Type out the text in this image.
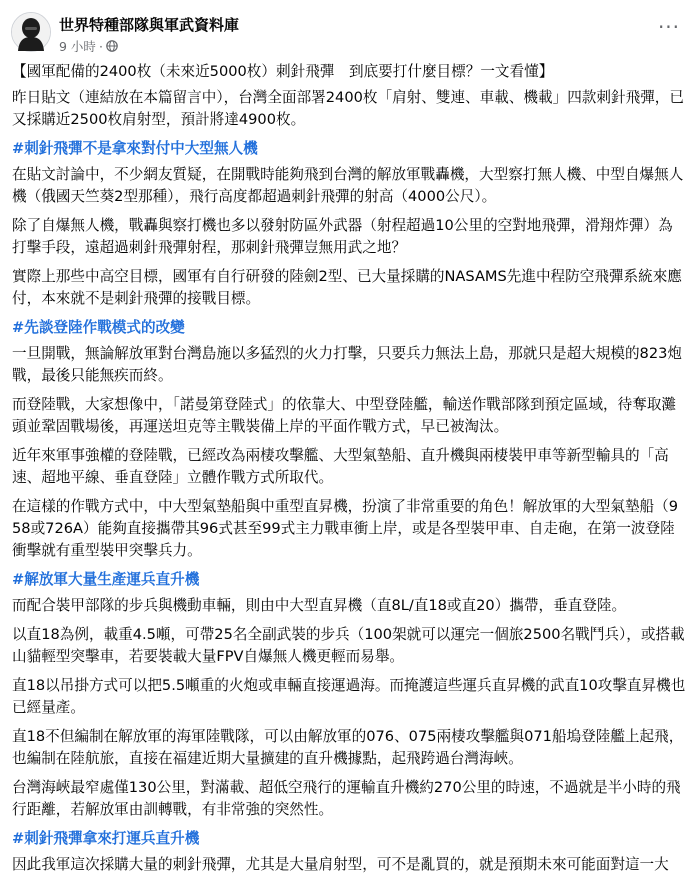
世界特種部隊與軍武資料庫
9 小時 ·
···

【國軍配備的2400枚（未來近5000枚）刺針飛彈　到底要打什麼目標？一文看懂】

昨日貼文（連結放在本篇留言中），台灣全面部署2400枚「肩射、雙連、車載、機載」四款刺針飛彈，已又採購近2500枚肩射型，預計將達4900枚。

#刺針飛彈不是拿來對付中大型無人機

在貼文討論中，不少網友質疑，在開戰時能夠飛到台灣的解放軍戰轟機，大型察打無人機、中型自爆無人機（俄國天竺葵2型那種），飛行高度都超過刺針飛彈的射高（4000公尺）。

除了自爆無人機，戰轟與察打機也多以發射防區外武器（射程超過10公里的空對地飛彈，滑翔炸彈）為打擊手段，遠超過刺針飛彈射程，那刺針飛彈豈無用武之地？

實際上那些中高空目標，國軍有自行研發的陸劍2型、已大量採購的NASAMS先進中程防空飛彈系統來應付，本來就不是刺針飛彈的接戰目標。

#先談登陸作戰模式的改變

一旦開戰，無論解放軍對台灣島施以多猛烈的火力打擊，只要兵力無法上島，那就只是超大規模的823炮戰，最後只能無疾而終。

而登陸戰，大家想像中，「諾曼第登陸式」的依靠大、中型登陸艦，輸送作戰部隊到預定區域，待奪取灘頭並鞏固戰場後，再運送坦克等主戰裝備上岸的平面作戰方式，早已被淘汰。

近年來軍事強權的登陸戰，已經改為兩棲攻擊艦、大型氣墊船、直升機與兩棲裝甲車等新型輸具的「高速、超地平線、垂直登陸」立體作戰方式所取代。

在這樣的作戰方式中，中大型氣墊船與中重型直昇機，扮演了非常重要的角色！解放軍的大型氣墊船（958或726A）能夠直接攜帶其96式甚至99式主力戰車衝上岸，或是各型裝甲車、自走砲，在第一波登陸衝擊就有重型裝甲突擊兵力。

#解放軍大量生產運兵直升機

而配合裝甲部隊的步兵與機動車輛，則由中大型直昇機（直8L/直18或直20）攜帶，垂直登陸。

以直18為例，載重4.5噸，可帶25名全副武裝的步兵（100架就可以運完一個旅2500名戰鬥兵），或搭載山貓輕型突擊車，若要裝載大量FPV自爆無人機更輕而易舉。

直18以吊掛方式可以把5.5噸重的火炮或車輛直接運過海。而掩護這些運兵直昇機的武直10攻擊直昇機也已經量產。

直18不但編制在解放軍的海軍陸戰隊，可以由解放軍的076、075兩棲攻擊艦與071船塢登陸艦上起飛，也編制在陸航旅，直接在福建近期大量擴建的直升機據點，起飛跨過台灣海峽。

台灣海峽最窄處僅130公里，對滿載、超低空飛行的運輸直升機約270公里的時速，不過就是半小時的飛行距離，若解放軍由訓轉戰，有非常強的突然性。

#刺針飛彈拿來打運兵直升機

因此我軍這次採購大量的刺針飛彈，尤其是大量肩射型，可不是亂買的，就是預期未來可能面對這一大
